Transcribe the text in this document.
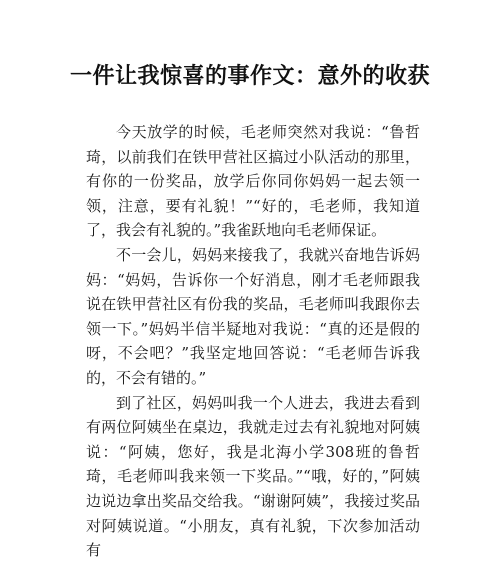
一件让我惊喜的事作文：意外的收获

今天放学的时候，毛老师突然对我说：“鲁哲琦，以前我们在铁甲营社区搞过小队活动的那里，有你的一份奖品，放学后你同你妈妈一起去领一领，注意，要有礼貌！”“好的，毛老师，我知道了，我会有礼貌的。”我雀跃地向毛老师保证。

不一会儿，妈妈来接我了，我就兴奋地告诉妈妈：“妈妈，告诉你一个好消息，刚才毛老师跟我说在铁甲营社区有份我的奖品，毛老师叫我跟你去领一下。”妈妈半信半疑地对我说：“真的还是假的呀，不会吧？”我坚定地回答说：“毛老师告诉我的，不会有错的。”

到了社区，妈妈叫我一个人进去，我进去看到有两位阿姨坐在桌边，我就走过去有礼貌地对阿姨说：“阿姨，您好，我是北海小学308班的鲁哲琦，毛老师叫我来领一下奖品。”“哦，好的，”阿姨边说边拿出奖品交给我。“谢谢阿姨”，我接过奖品对阿姨说道。“小朋友，真有礼貌，下次参加活动有
